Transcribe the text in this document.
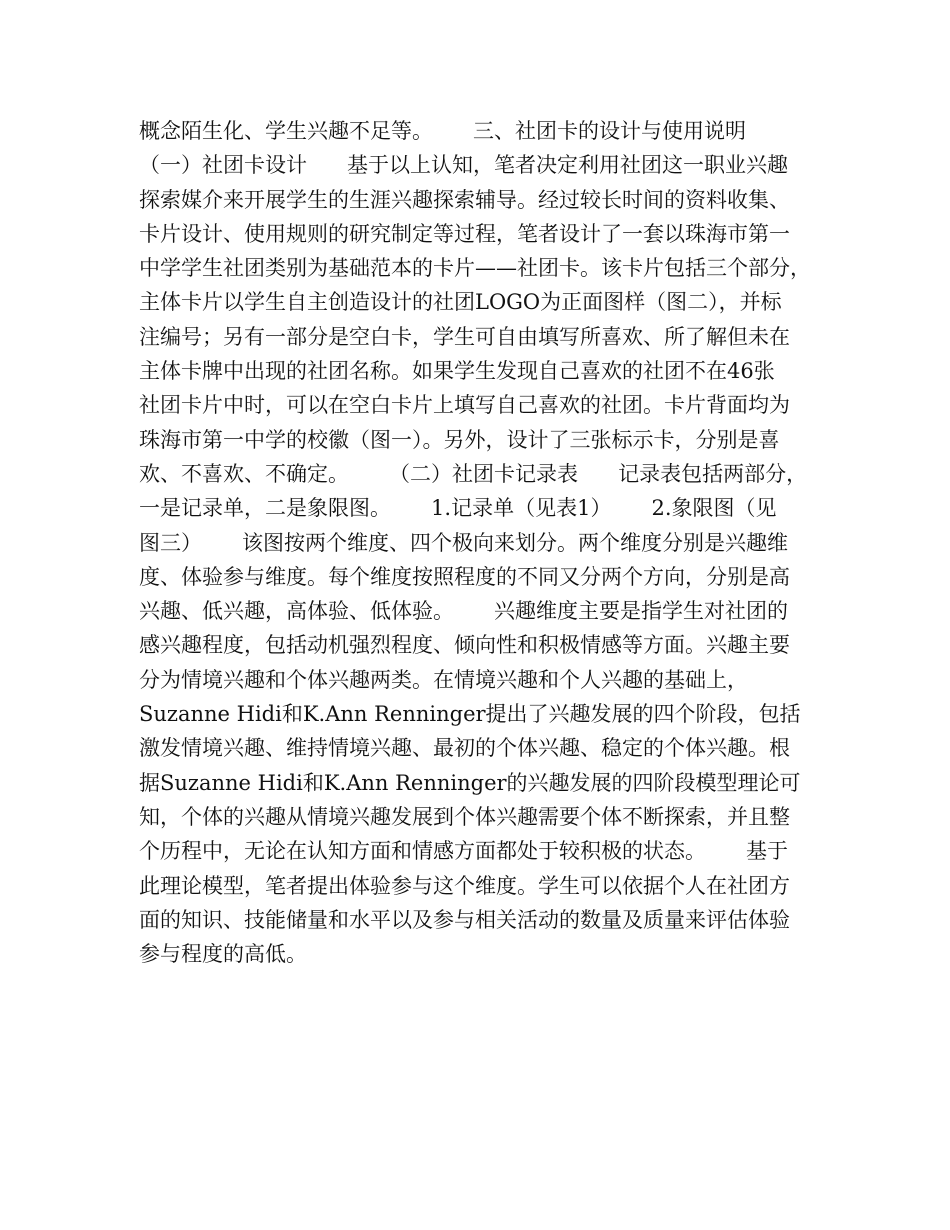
概念陌生化、学生兴趣不足等。      三、社团卡的设计与使用说明
（一）社团卡设计      基于以上认知，笔者决定利用社团这一职业兴趣
探索媒介来开展学生的生涯兴趣探索辅导。经过较长时间的资料收集、
卡片设计、使用规则的研究制定等过程，笔者设计了一套以珠海市第一
中学学生社团类别为基础范本的卡片——社团卡。该卡片包括三个部分，
主体卡片以学生自主创造设计的社团LOGO为正面图样（图二），并标
注编号；另有一部分是空白卡，学生可自由填写所喜欢、所了解但未在
主体卡牌中出现的社团名称。如果学生发现自己喜欢的社团不在46张
社团卡片中时，可以在空白卡片上填写自己喜欢的社团。卡片背面均为
珠海市第一中学的校徽（图一）。另外，设计了三张标示卡，分别是喜
欢、不喜欢、不确定。      （二）社团卡记录表      记录表包括两部分，
一是记录单，二是象限图。      1.记录单（见表1）      2.象限图（见
图三）      该图按两个维度、四个极向来划分。两个维度分别是兴趣维
度、体验参与维度。每个维度按照程度的不同又分两个方向，分别是高
兴趣、低兴趣，高体验、低体验。      兴趣维度主要是指学生对社团的
感兴趣程度，包括动机强烈程度、倾向性和积极情感等方面。兴趣主要
分为情境兴趣和个体兴趣两类。在情境兴趣和个人兴趣的基础上，
Suzanne Hidi和K.Ann Renninger提出了兴趣发展的四个阶段，包括
激发情境兴趣、维持情境兴趣、最初的个体兴趣、稳定的个体兴趣。根
据Suzanne Hidi和K.Ann Renninger的兴趣发展的四阶段模型理论可
知，个体的兴趣从情境兴趣发展到个体兴趣需要个体不断探索，并且整
个历程中，无论在认知方面和情感方面都处于较积极的状态。      基于
此理论模型，笔者提出体验参与这个维度。学生可以依据个人在社团方
面的知识、技能储量和水平以及参与相关活动的数量及质量来评估体验
参与程度的高低。
